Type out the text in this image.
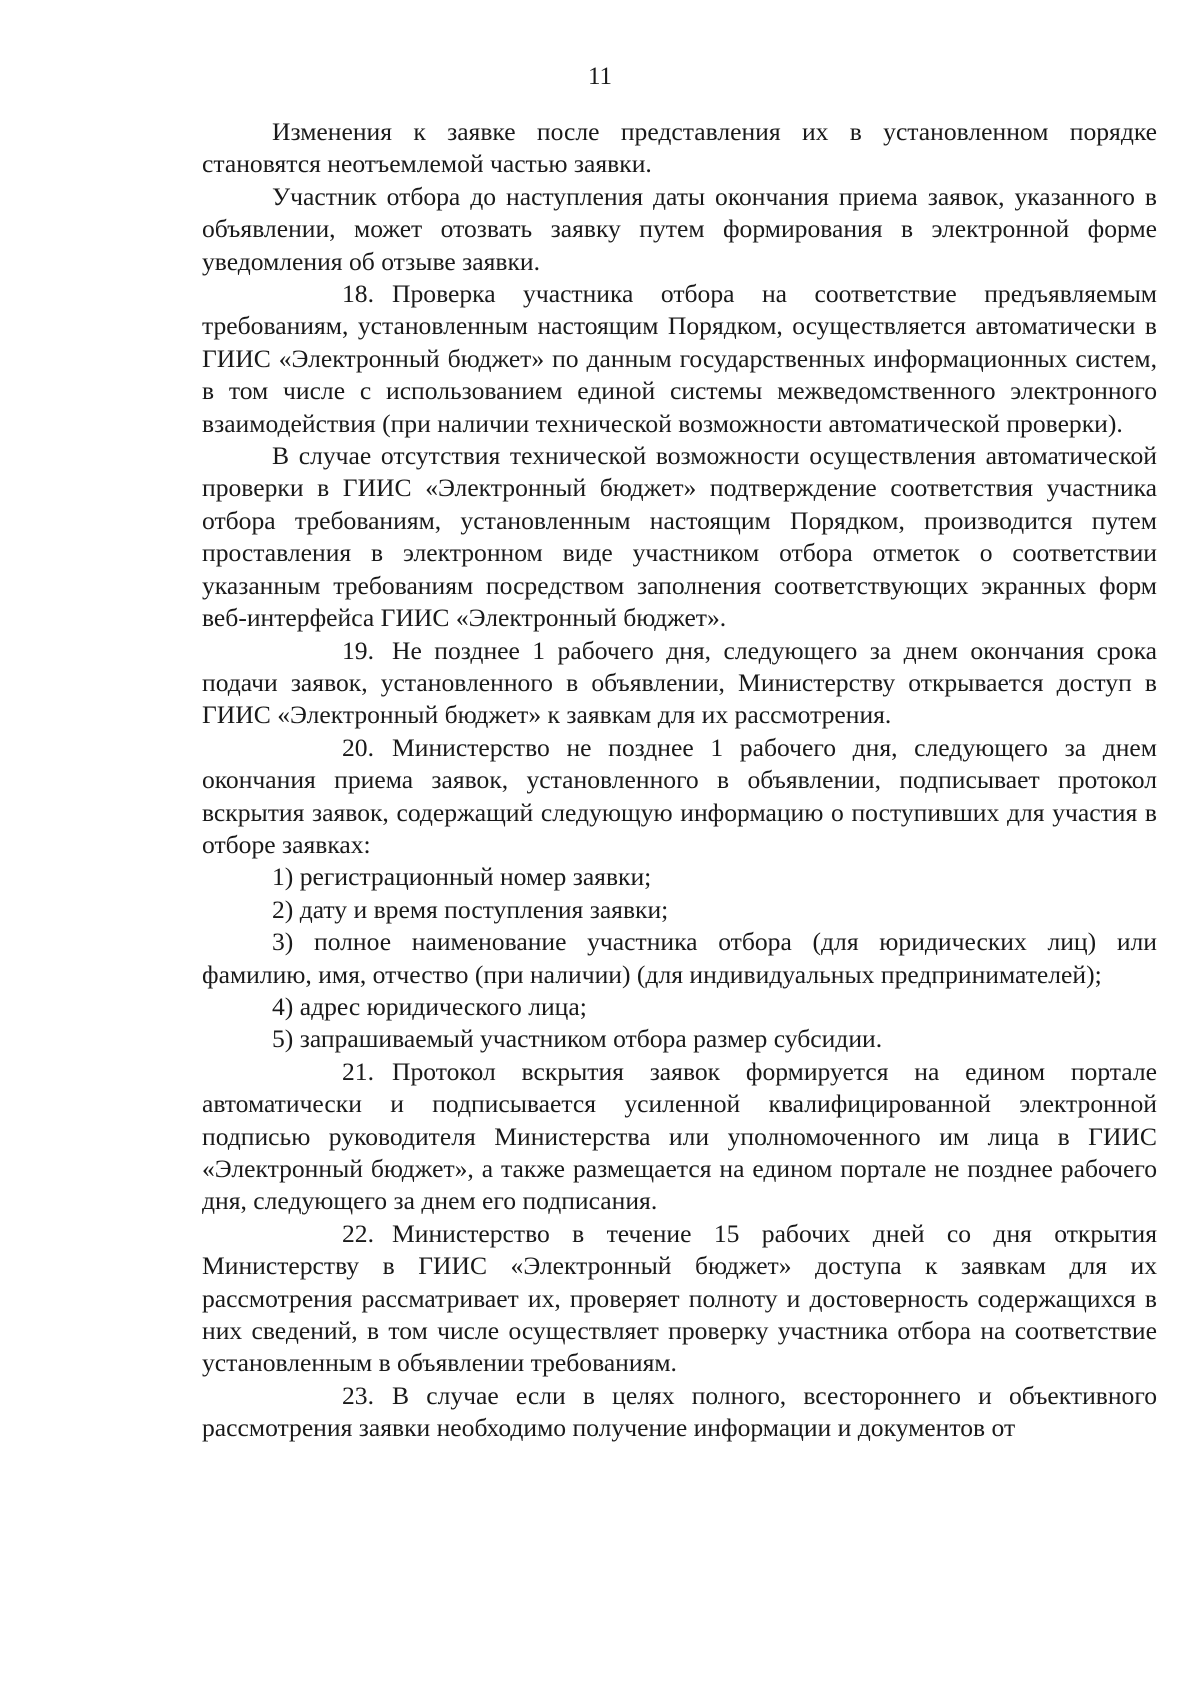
11

Изменения к заявке после представления их в установленном порядке становятся неотъемлемой частью заявки.

Участник отбора до наступления даты окончания приема заявок, указанного в объявлении, может отозвать заявку путем формирования в электронной форме уведомления об отзыве заявки.

18. Проверка участника отбора на соответствие предъявляемым требованиям, установленным настоящим Порядком, осуществляется автоматически в ГИИС «Электронный бюджет» по данным государственных информационных систем, в том числе с использованием единой системы межведомственного электронного взаимодействия (при наличии технической возможности автоматической проверки).

В случае отсутствия технической возможности осуществления автоматической проверки в ГИИС «Электронный бюджет» подтверждение соответствия участника отбора требованиям, установленным настоящим Порядком, производится путем проставления в электронном виде участником отбора отметок о соответствии указанным требованиям посредством заполнения соответствующих экранных форм веб-интерфейса ГИИС «Электронный бюджет».

19. Не позднее 1 рабочего дня, следующего за днем окончания срока подачи заявок, установленного в объявлении, Министерству открывается доступ в ГИИС «Электронный бюджет» к заявкам для их рассмотрения.

20. Министерство не позднее 1 рабочего дня, следующего за днем окончания приема заявок, установленного в объявлении, подписывает протокол вскрытия заявок, содержащий следующую информацию о поступивших для участия в отборе заявках:

1) регистрационный номер заявки;

2) дату и время поступления заявки;

3) полное наименование участника отбора (для юридических лиц) или фамилию, имя, отчество (при наличии) (для индивидуальных предпринимателей);

4) адрес юридического лица;

5) запрашиваемый участником отбора размер субсидии.

21. Протокол вскрытия заявок формируется на едином портале автоматически и подписывается усиленной квалифицированной электронной подписью руководителя Министерства или уполномоченного им лица в ГИИС «Электронный бюджет», а также размещается на едином портале не позднее рабочего дня, следующего за днем его подписания.

22. Министерство в течение 15 рабочих дней со дня открытия Министерству в ГИИС «Электронный бюджет» доступа к заявкам для их рассмотрения рассматривает их, проверяет полноту и достоверность содержащихся в них сведений, в том числе осуществляет проверку участника отбора на соответствие установленным в объявлении требованиям.

23. В случае если в целях полного, всестороннего и объективного рассмотрения заявки необходимо получение информации и документов от
